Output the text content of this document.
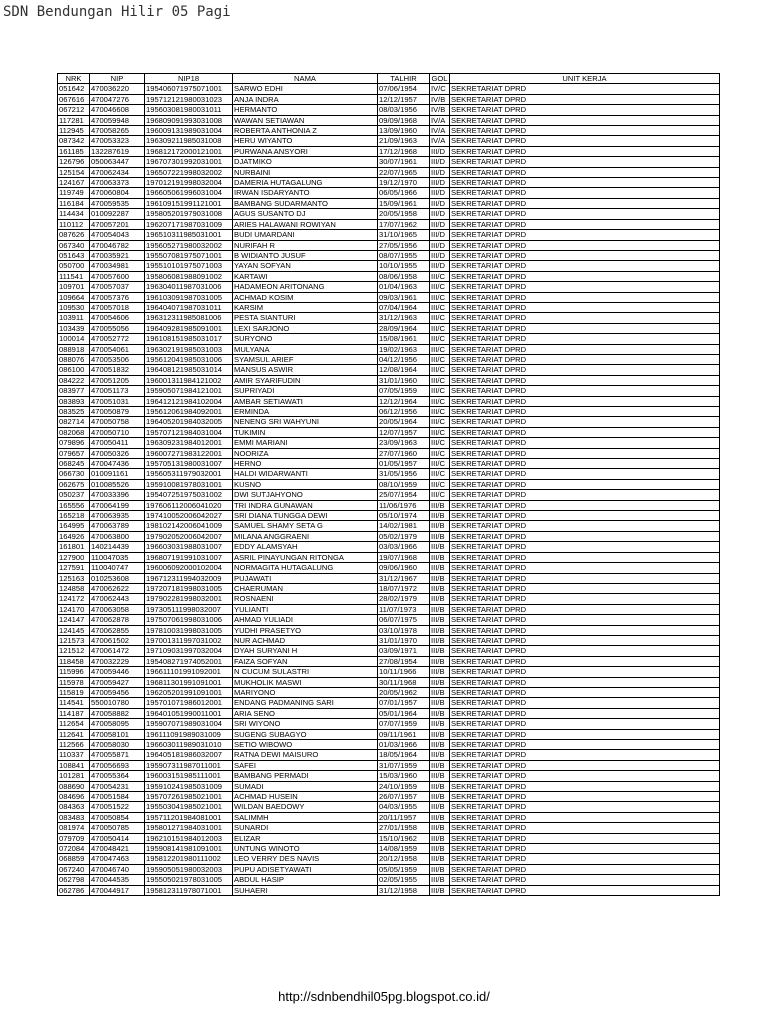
SDN Bendungan Hilir 05 Pagi
NRK	NIP	NIP18	NAMA	TALHIR	GOL	UNIT KERJA
051642	470036220	195406071975071001	SARWO EDHI	07/06/1954	IV/C	SEKRETARIAT DPRD
067616	470047276	195712121980031023	ANJA INDRA	12/12/1957	IV/B	SEKRETARIAT DPRD
067212	470046608	195603081980031011	HERMANTO	08/03/1956	IV/B	SEKRETARIAT DPRD
117281	470059948	196809091993031008	WAWAN SETIAWAN	09/09/1968	IV/A	SEKRETARIAT DPRD
112945	470058265	196009131989031004	ROBERTA ANTHONIA Z	13/09/1960	IV/A	SEKRETARIAT DPRD
087342	470053323	196309211985031008	HERU WIYANTO	21/09/1963	IV/A	SEKRETARIAT DPRD
161185	132287619	196812172000121001	PURWANA ANSYORI	17/12/1968	III/D	SEKRETARIAT DPRD
126796	050063447	196707301992031001	DJATMIKO	30/07/1961	III/D	SEKRETARIAT DPRD
125154	470062434	196507221998032002	NURBAINI	22/07/1965	III/D	SEKRETARIAT DPRD
124167	470063373	197012191998032004	DAMERIA HUTAGALUNG	19/12/1970	III/D	SEKRETARIAT DPRD
119749	470060804	196605061996031004	IRWAN ISDARYANTO	06/05/1966	III/D	SEKRETARIAT DPRD
116184	470059535	196109151991121001	BAMBANG SUDARMANTO	15/09/1961	III/D	SEKRETARIAT DPRD
114434	010092287	195805201979031008	AGUS SUSANTO DJ	20/05/1958	III/D	SEKRETARIAT DPRD
110112	470057201	196207171987031009	ARIES HALAWANI ROWIYAN	17/07/1962	III/D	SEKRETARIAT DPRD
087626	470054043	196510311985031001	BUDI UMARDANI	31/10/1965	III/D	SEKRETARIAT DPRD
067340	470046782	195605271980032002	NURIFAH R	27/05/1956	III/D	SEKRETARIAT DPRD
051643	470035921	195507081975071001	B WIDIANTO JUSUF	08/07/1955	III/D	SEKRETARIAT DPRD
050700	470034981	195510101975071003	YAYAN SOFYAN	10/10/1955	III/D	SEKRETARIAT DPRD
111541	470057600	195806081988091002	KARTAWI	08/06/1958	III/C	SEKRETARIAT DPRD
109701	470057037	196304011987031006	HADAMEON ARITONANG	01/04/1963	III/C	SEKRETARIAT DPRD
109664	470057376	196103091987031005	ACHMAD KOSIM	09/03/1961	III/C	SEKRETARIAT DPRD
109530	470057018	196404071987031011	KARSIM	07/04/1964	III/C	SEKRETARIAT DPRD
103911	470054606	196312311985081006	PESTA SIANTURI	31/12/1963	III/C	SEKRETARIAT DPRD
103439	470055056	196409281985091001	LEXI SARJONO	28/09/1964	III/C	SEKRETARIAT DPRD
100014	470052772	196108151985031017	SURYONO	15/08/1961	III/C	SEKRETARIAT DPRD
088918	470054061	196302191985031003	MULYANA	19/02/1963	III/C	SEKRETARIAT DPRD
088076	470053506	195612041985031006	SYAMSUL ARIEF	04/12/1956	III/C	SEKRETARIAT DPRD
086100	470051832	196408121985031014	MANSUS ASWIR	12/08/1964	III/C	SEKRETARIAT DPRD
084222	470051205	196001311984121002	AMIR SYARIFUDIN	31/01/1960	III/C	SEKRETARIAT DPRD
083977	470051173	195905071984121001	SUPRIYADI	07/05/1959	III/C	SEKRETARIAT DPRD
083893	470051031	196412121984102004	AMBAR SETIAWATI	12/12/1964	III/C	SEKRETARIAT DPRD
083525	470050879	195612061984092001	ERMINDA	06/12/1956	III/C	SEKRETARIAT DPRD
082714	470050758	196405201984032005	NENENG SRI WAHYUNI	20/05/1964	III/C	SEKRETARIAT DPRD
082068	470050710	195707121984031004	TUKIMIN	12/07/1957	III/C	SEKRETARIAT DPRD
079896	470050411	196309231984012001	EMMI MARIANI	23/09/1963	III/C	SEKRETARIAT DPRD
079657	470050326	196007271983122001	NOORIZA	27/07/1960	III/C	SEKRETARIAT DPRD
068245	470047436	195705131980031007	HERNO	01/05/1957	III/C	SEKRETARIAT DPRD
066730	010091161	195605311979032001	HALDI WIDARWANTI	31/05/1956	III/C	SEKRETARIAT DPRD
062675	010085526	195910081978031001	KUSNO	08/10/1959	III/C	SEKRETARIAT DPRD
050237	470033396	195407251975031002	DWI SUTJAHYONO	25/07/1954	III/C	SEKRETARIAT DPRD
165556	470064199	197606112006041020	TRI INDRA GUNAWAN	11/06/1976	III/B	SEKRETARIAT DPRD
165218	470063935	197410052006042027	SRI DIANA TUNGGA DEWI	05/10/1974	III/B	SEKRETARIAT DPRD
164995	470063789	198102142006041009	SAMUEL SHAMY SETA G	14/02/1981	III/B	SEKRETARIAT DPRD
164926	470063800	197902052006042007	MILANA ANGGRAENI	05/02/1979	III/B	SEKRETARIAT DPRD
161801	140214439	196603031988031007	EDDY ALAMSYAH	03/03/1966	III/B	SEKRETARIAT DPRD
127900	110047035	196807191991031007	ASRIL PINAYUNGAN RITONGA	19/07/1968	III/B	SEKRETARIAT DPRD
127591	110040747	196006092000102004	NORMAGITA HUTAGALUNG	09/06/1960	III/B	SEKRETARIAT DPRD
125163	010253608	196712311994032009	PUJAWATI	31/12/1967	III/B	SEKRETARIAT DPRD
124858	470062622	197207181998031005	CHAERUMAN	18/07/1972	III/B	SEKRETARIAT DPRD
124172	470062443	197902281998032001	ROSNAENI	28/02/1979	III/B	SEKRETARIAT DPRD
124170	470063058	197305111998032007	YULIANTI	11/07/1973	III/B	SEKRETARIAT DPRD
124147	470062878	197507061998031006	AHMAD YULIADI	06/07/1975	III/B	SEKRETARIAT DPRD
124145	470062855	197810031998031005	YUDHI PRASETYO	03/10/1978	III/B	SEKRETARIAT DPRD
121573	470061502	197001311997031002	NUR ACHMAD	31/01/1970	III/B	SEKRETARIAT DPRD
121512	470061472	197109031997032004	DYAH SURYANI H	03/09/1971	III/B	SEKRETARIAT DPRD
118458	470032229	195408271974052001	FAIZA SOFYAN	27/08/1954	III/B	SEKRETARIAT DPRD
115996	470059446	196611101991092001	N CUCUM SULASTRI	10/11/1966	III/B	SEKRETARIAT DPRD
115978	470059427	196811301991091001	MUKHOLIK MASWI	30/11/1968	III/B	SEKRETARIAT DPRD
115819	470059456	196205201991091001	MARIYONO	20/05/1962	III/B	SEKRETARIAT DPRD
114541	550010780	195701071986012001	ENDANG PADMANING SARI	07/01/1957	III/B	SEKRETARIAT DPRD
114187	470058882	196401051990011001	ARIA SENO	05/01/1964	III/B	SEKRETARIAT DPRD
112654	470058095	195907071989031004	SRI WIYONO	07/07/1959	III/B	SEKRETARIAT DPRD
112641	470058101	196111091989031009	SUGENG SUBAGYO	09/11/1961	III/B	SEKRETARIAT DPRD
112566	470058030	196603011989031010	SETIO WIBOWO	01/03/1966	III/B	SEKRETARIAT DPRD
110337	470055871	196405181986032007	RATNA DEWI MAISURO	18/05/1964	III/B	SEKRETARIAT DPRD
108841	470056693	195907311987011001	SAFEI	31/07/1959	III/B	SEKRETARIAT DPRD
101281	470055364	196003151985111001	BAMBANG PERMADI	15/03/1960	III/B	SEKRETARIAT DPRD
088690	470054231	195910241985031009	SUMADI	24/10/1959	III/B	SEKRETARIAT DPRD
084696	470051584	195707261985021001	ACHMAD HUSEIN	26/07/1957	III/B	SEKRETARIAT DPRD
084363	470051522	195503041985021001	WILDAN BAEDOWY	04/03/1955	III/B	SEKRETARIAT DPRD
083483	470050854	195711201984081001	SALIMMH	20/11/1957	III/B	SEKRETARIAT DPRD
081974	470050785	195801271984031001	SUNARDI	27/01/1958	III/B	SEKRETARIAT DPRD
079709	470050414	196210151984012003	ELIZAR	15/10/1962	III/B	SEKRETARIAT DPRD
072084	470048421	195908141981091001	UNTUNG WINOTO	14/08/1959	III/B	SEKRETARIAT DPRD
068859	470047463	195812201980111002	LEO VERRY DES NAVIS	20/12/1958	III/B	SEKRETARIAT DPRD
067240	470046740	195905051980032003	PUPU ADISETYAWATI	05/05/1959	III/B	SEKRETARIAT DPRD
062798	470044535	195505021978031005	ABDUL HASIP	02/05/1955	III/B	SEKRETARIAT DPRD
062786	470044917	195812311978071001	SUHAERI	31/12/1958	III/B	SEKRETARIAT DPRD
http://sdnbendhil05pg.blogspot.co.id/
